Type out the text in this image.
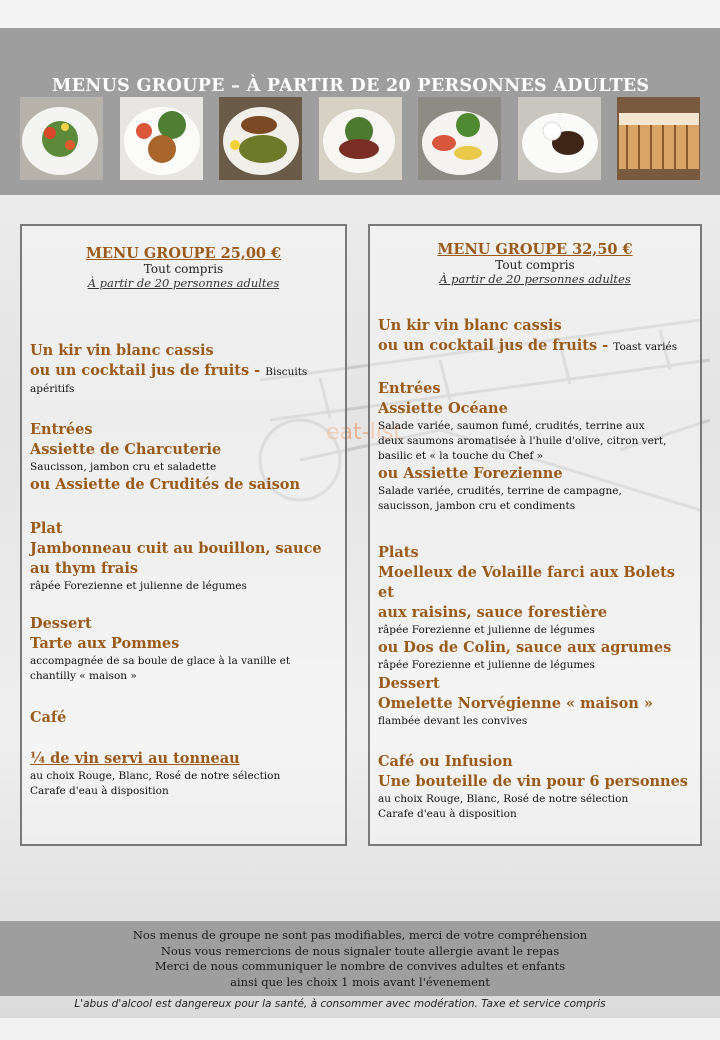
MENUS GROUPE – À PARTIR DE 20 PERSONNES ADULTES
eat-list
MENU GROUPE 25,00 €
Tout compris
À partir de 20 personnes adultes
Un kir vin blanc cassis
ou un cocktail jus de fruits - Biscuits
apéritifs
Entrées
Assiette de Charcuterie
Saucisson, jambon cru et saladette
ou Assiette de Crudités de saison
Plat
Jambonneau cuit au bouillon, sauce
au thym frais
râpée Forezienne et julienne de légumes
Dessert
Tarte aux Pommes
accompagnée de sa boule de glace à la vanille et
chantilly « maison »
Café
¼ de vin servi au tonneau
au choix Rouge, Blanc, Rosé de notre sélection
Carafe d'eau à disposition
MENU GROUPE 32,50 €
Tout compris
À partir de 20 personnes adultes
Un kir vin blanc cassis
ou un cocktail jus de fruits - Toast variés
Entrées
Assiette Océane
Salade variée, saumon fumé, crudités, terrine aux
deux saumons aromatisée à l'huile d'olive, citron vert,
basilic et « la touche du Chef »
ou Assiette Forezienne
Salade variée, crudités, terrine de campagne,
saucisson, jambon cru et condiments
Plats
Moelleux de Volaille farci aux Bolets et
aux raisins, sauce forestière
râpée Forezienne et julienne de légumes
ou Dos de Colin, sauce aux agrumes
râpée Forezienne et julienne de légumes
Dessert
Omelette Norvégienne « maison »
flambée devant les convives
Café ou Infusion
Une bouteille de vin pour 6 personnes
au choix Rouge, Blanc, Rosé de notre sélection
Carafe d'eau à disposition
Nos menus de groupe ne sont pas modifiables, merci de votre compréhension
Nous vous remercions de nous signaler toute allergie avant le repas
Merci de nous communiquer le nombre de convives adultes et enfants
ainsi que les choix 1 mois avant l'évenement
L'abus d'alcool est dangereux pour la santé, à consommer avec modération. Taxe et service compris
